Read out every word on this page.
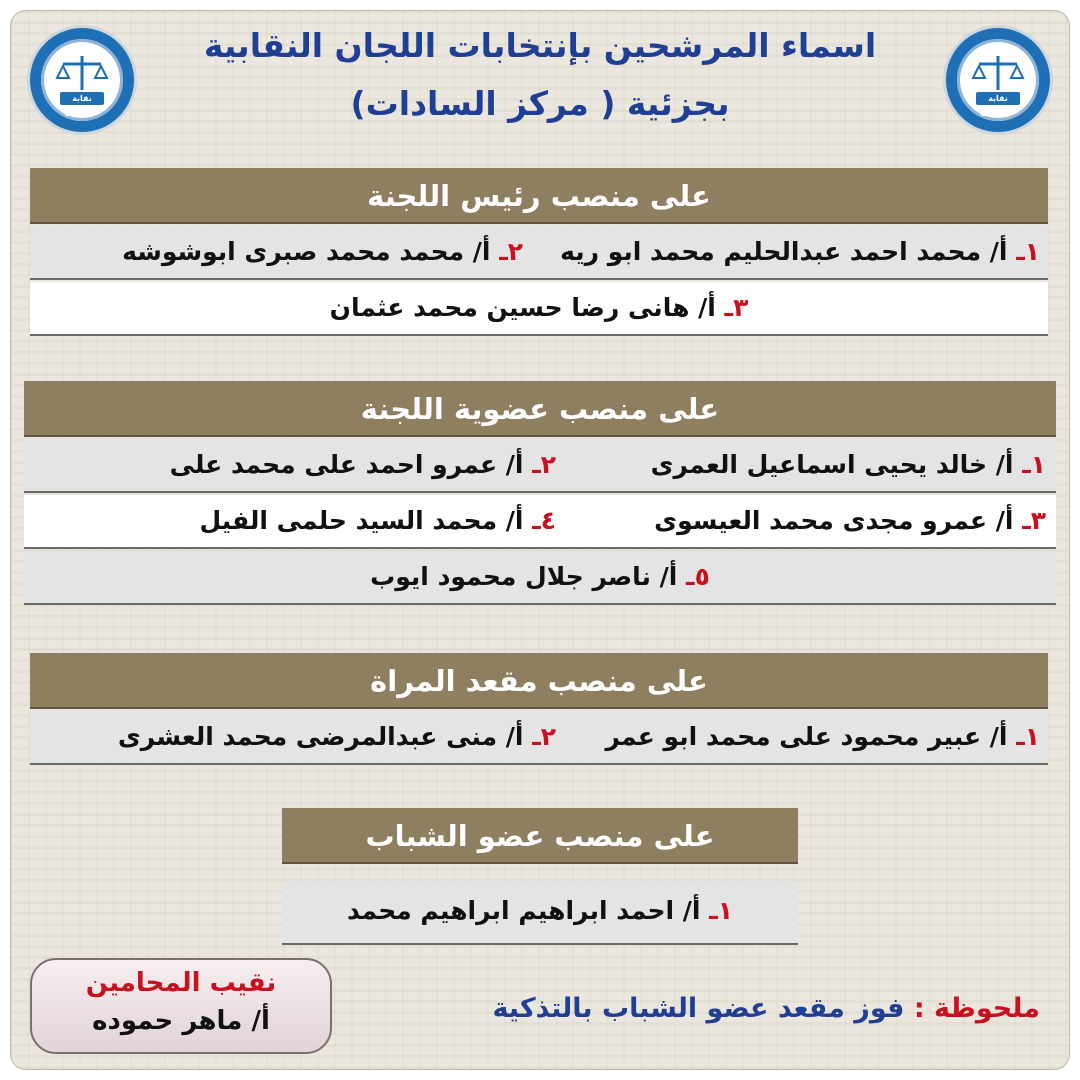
نقابة المحامين
نقابة المحامين
اسماء المرشحين بإنتخابات اللجان النقابية
بجزئية ( مركز السادات)
على منصب رئيس اللجنة
١ـ أ/ محمد احمد عبدالحليم محمد ابو ريه
٢ـ أ/ محمد محمد صبرى ابوشوشه
٣ـ أ/ هانى رضا حسين محمد عثمان
على منصب عضوية اللجنة
١ـ أ/ خالد يحيى اسماعيل العمرى
٢ـ أ/ عمرو احمد على محمد على
٣ـ أ/ عمرو مجدى محمد العيسوى
٤ـ أ/ محمد السيد حلمى الفيل
٥ـ أ/ ناصر جلال محمود ايوب
على منصب مقعد المراة
١ـ أ/ عبير محمود على محمد ابو عمر
٢ـ أ/ منى عبدالمرضى محمد العشرى
على منصب عضو الشباب
١ـ أ/ احمد ابراهيم ابراهيم محمد
ملحوظة : فوز مقعد عضو الشباب بالتذكية
نقيب المحامين
أ/ ماهر حموده
